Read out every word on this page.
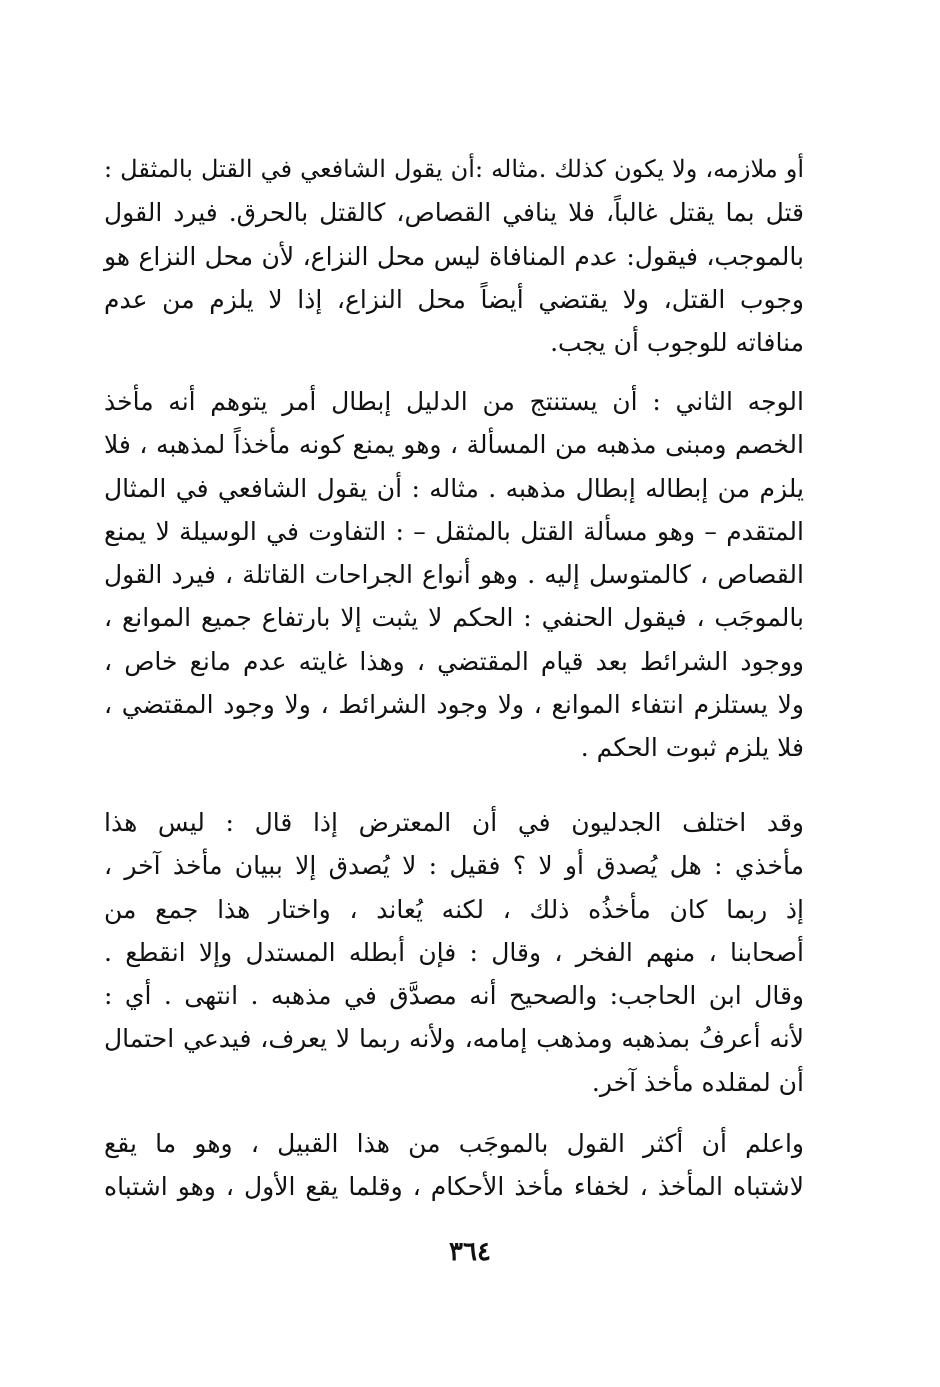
أو ملازمه، ولا يكون كذلك .مثاله :أن يقول الشافعي في القتل بالمثقل :
قتل بما يقتل غالباً، فلا ينافي القصاص، كالقتل بالحرق. فيرد القول
بالموجب، فيقول: عدم المنافاة ليس محل النزاع، لأن محل النزاع هو
وجوب القتل، ولا يقتضي أيضاً محل النزاع، إذا لا يلزم من عدم
منافاته للوجوب أن يجب.
الوجه الثاني : أن يستنتج من الدليل إبطال أمر يتوهم أنه مأخذ
الخصم ومبنى مذهبه من المسألة ، وهو يمنع كونه مأخذاً لمذهبه ، فلا
يلزم من إبطاله إبطال مذهبه . مثاله : أن يقول الشافعي في المثال
المتقدم – وهو مسألة القتل بالمثقل – : التفاوت في الوسيلة لا يمنع
القصاص ، كالمتوسل إليه . وهو أنواع الجراحات القاتلة ، فيرد القول
بالموجَب ، فيقول الحنفي : الحكم لا يثبت إلا بارتفاع جميع الموانع ،
ووجود الشرائط بعد قيام المقتضي ، وهذا غايته عدم مانع خاص ،
ولا يستلزم انتفاء الموانع ، ولا وجود الشرائط ، ولا وجود المقتضي ،
فلا يلزم ثبوت الحكم .
وقد اختلف الجدليون في أن المعترض إذا قال : ليس هذا
مأخذي : هل يُصدق أو لا ؟ فقيل : لا يُصدق إلا ببيان مأخذ آخر ،
إذ ربما كان مأخذُه ذلك ، لكنه يُعاند ، واختار هذا جمع من
أصحابنا ، منهم الفخر ، وقال : فإن أبطله المستدل وإلا انقطع .
وقال ابن الحاجب: والصحيح أنه مصدَّق في مذهبه . انتهى . أي :
لأنه أعرفُ بمذهبه ومذهب إمامه، ولأنه ربما لا يعرف، فيدعي احتمال
أن لمقلده مأخذ آخر.
واعلم أن أكثر القول بالموجَب من هذا القبيل ، وهو ما يقع
لاشتباه المأخذ ، لخفاء مأخذ الأحكام ، وقلما يقع الأول ، وهو اشتباه
٣٦٤
